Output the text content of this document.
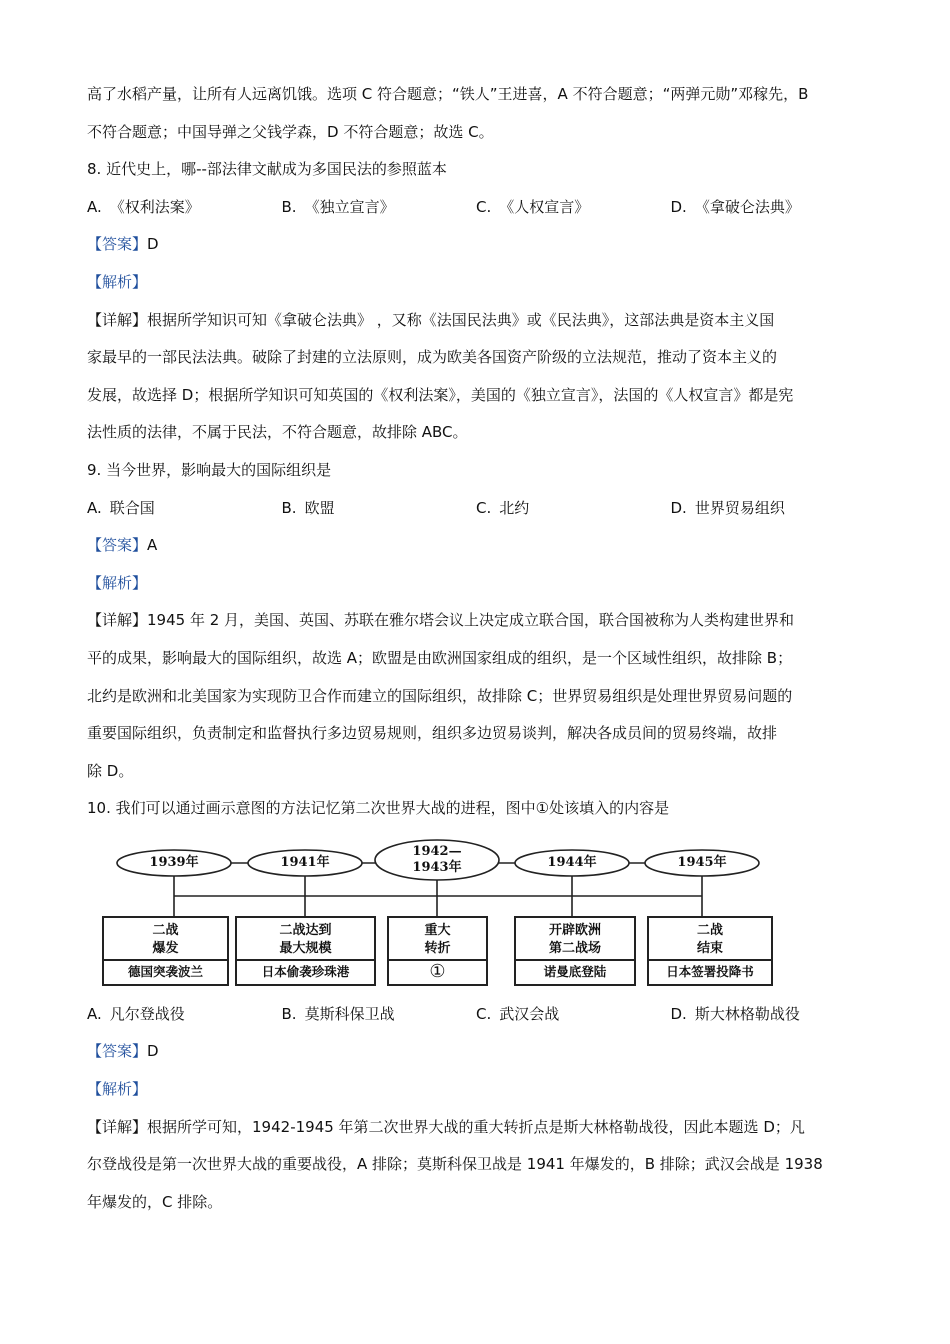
高了水稻产量，让所有人远离饥饿。选项 C 符合题意；“铁人”王进喜，A 不符合题意；“两弹元勋”邓稼先，B

不符合题意；中国导弹之父钱学森，D 不符合题意；故选 C。

8. 近代史上，哪--部法律文献成为多国民法的参照蓝本

A. 《权利法案》	B. 《独立宣言》	C. 《人权宣言》	D. 《拿破仑法典》

【答案】D

【解析】

【详解】根据所学知识可知《拿破仑法典》 ，又称《法国民法典》或《民法典》，这部法典是资本主义国

家最早的一部民法法典。破除了封建的立法原则，成为欧美各国资产阶级的立法规范，推动了资本主义的

发展，故选择 D；根据所学知识可知英国的《权利法案》，美国的《独立宣言》，法国的《人权宣言》都是宪

法性质的法律，不属于民法，不符合题意，故排除 ABC。

9. 当今世界，影响最大的国际组织是

A. 联合国	B. 欧盟	C. 北约	D. 世界贸易组织

【答案】A

【解析】

【详解】1945 年 2 月，美国、英国、苏联在雅尔塔会议上决定成立联合国，联合国被称为人类构建世界和

平的成果，影响最大的国际组织，故选 A；欧盟是由欧洲国家组成的组织，是一个区域性组织，故排除 B；

北约是欧洲和北美国家为实现防卫合作而建立的国际组织，故排除 C；世界贸易组织是处理世界贸易问题的

重要国际组织，负责制定和监督执行多边贸易规则，组织多边贸易谈判，解决各成员间的贸易终端，故排

除 D。

10. 我们可以通过画示意图的方法记忆第二次世界大战的进程，图中①处该填入的内容是

1939年	1941年
1942—
1943年	1944年	1945年
二战
爆发
德国突袭波兰
二战达到
最大规模
日本偷袭珍珠港
重大
转折
①
开辟欧洲
第二战场
诺曼底登陆
二战
结束
日本签署投降书
A. 凡尔登战役	B. 莫斯科保卫战	C. 武汉会战	D. 斯大林格勒战役

【答案】D

【解析】

【详解】根据所学可知，1942-1945 年第二次世界大战的重大转折点是斯大林格勒战役，因此本题选 D；凡

尔登战役是第一次世界大战的重要战役，A 排除；莫斯科保卫战是 1941 年爆发的，B 排除；武汉会战是 1938

年爆发的，C 排除。
